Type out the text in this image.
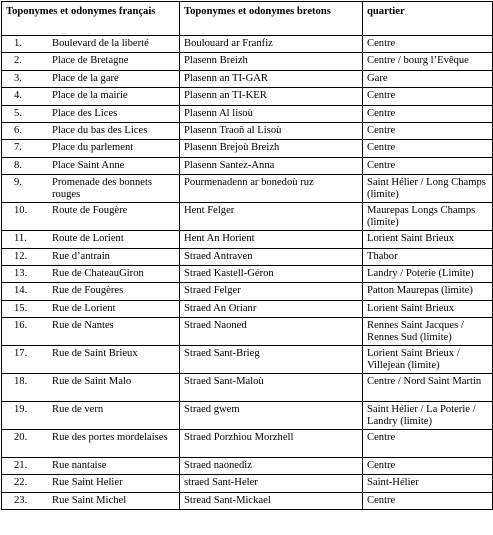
Toponymes et odonymes français	Toponymes et odonymes bretons	quartier
1. Boulevard de la liberté	Boulouard ar Franfiz	Centre
2. Place de Bretagne	Plasenn Breizh	Centre / bourg l’Evêque
3. Place de la gare	Plasenn an TI-GAR	Gare
4. Place de la mairie	Plasenn an TI-KER	Centre
5. Place des Lices	Plasenn Al lisoù	Centre
6. Place du bas des Lices	Plasenn Traoñ al Lisoù	Centre
7. Place du parlement	Plasenn Brejoù Breizh	Centre
8. Place Saint Anne	Plasenn Santez-Anna	Centre
9. Promenade des bonnets rouges	Pourmenadenn ar bonedoù ruz	Saint Hélier / Long Champs (limite)
10. Route de Fougère	Hent Felger	Maurepas Longs Champs (limite)
11. Route de Lorient	Hent An Horient	Lorient Saint Brieux
12. Rue d’antrain	Straed Antraven	Thabor
13. Rue de ChateauGiron	Straed Kastell-Géron	Landry / Poterie (Limite)
14. Rue de Fougères	Straed Felger	Patton Maurepas (limite)
15. Rue de Lorient	Straed An Orianr	Lorient Saint Brieux
16. Rue de Nantes	Straed Naoned	Rennes Saint Jacques / Rennes Sud (limite)
17. Rue de Saint Brieux	Straed Sant-Brieg	Lorient Saint Brieux / Villejean (limite)
18. Rue de Saint Malo	Straed Sant-Maloù	Centre / Nord Saint Martin
19. Rue de vern	Straed gwem	Saint Hélier / La Poterie / Landry (limite)
20. Rue des portes mordelaises	Straed Porzhiou Morzhell	Centre
21. Rue nantaise	Straed naonediz	Centre
22. Rue Saint Helier	straed Sant-Heler	Saint-Hélier
23. Rue Saint Michel	Stread Sant-Mickael	Centre
